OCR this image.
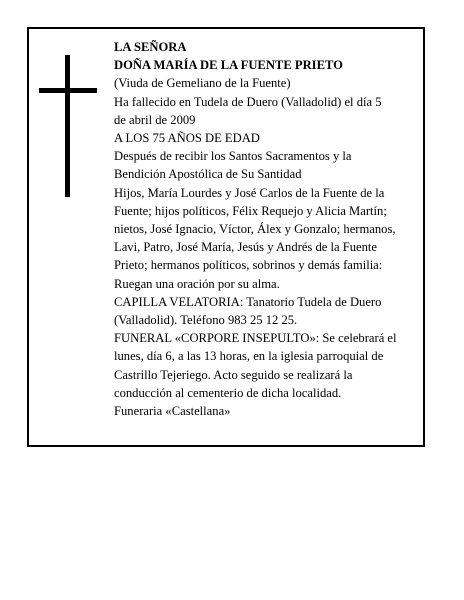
LA SEÑORA
DOÑA MARÍA DE LA FUENTE PRIETO
(Viuda de Gemeliano de la Fuente)
Ha fallecido en Tudela de Duero (Valladolid) el día 5
de abril de 2009
A LOS 75 AÑOS DE EDAD
Después de recibir los Santos Sacramentos y la
Bendición Apostólica de Su Santidad
Hijos, María Lourdes y José Carlos de la Fuente de la
Fuente; hijos políticos, Félix Requejo y Alicia Martín;
nietos, José Ignacio, Víctor, Álex y Gonzalo; hermanos,
Lavi, Patro, José María, Jesús y Andrés de la Fuente
Prieto; hermanos políticos, sobrinos y demás familia:
Ruegan una oración por su alma.
CAPILLA VELATORIA: Tanatorio Tudela de Duero
(Valladolid). Teléfono 983 25 12 25.
FUNERAL «CORPORE INSEPULTO»: Se celebrará el
lunes, día 6, a las 13 horas, en la iglesia parroquial de
Castrillo Tejeriego. Acto seguido se realizará la
conducción al cementerio de dicha localidad.
Funeraria «Castellana»
